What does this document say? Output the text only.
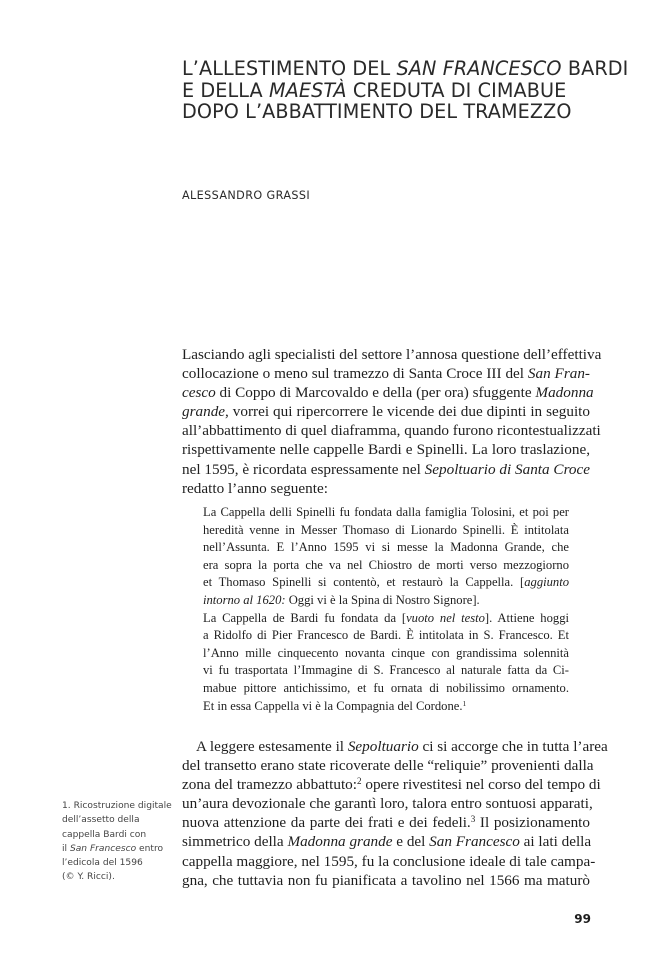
L’ALLESTIMENTO DEL SAN FRANCESCO BARDI
E DELLA MAESTÀ CREDUTA DI CIMABUE
DOPO L’ABBATTIMENTO DEL TRAMEZZO

ALESSANDRO GRASSI

Lasciando agli specialisti del settore l’annosa questione dell’effettiva
collocazione o meno sul tramezzo di Santa Croce III del San Fran-
cesco di Coppo di Marcovaldo e della (per ora) sfuggente Madonna
grande, vorrei qui ripercorrere le vicende dei due dipinti in seguito
all’abbattimento di quel diaframma, quando furono ricontestualizzati
rispettivamente nelle cappelle Bardi e Spinelli. La loro traslazione,
nel 1595, è ricordata espressamente nel Sepoltuario di Santa Croce
redatto l’anno seguente:

La Cappella delli Spinelli fu fondata dalla famiglia Tolosini, et poi per
heredità venne in Messer Thomaso di Lionardo Spinelli. È intitolata
nell’Assunta. E l’Anno 1595 vi si messe la Madonna Grande, che
era sopra la porta che va nel Chiostro de morti verso mezzogiorno
et Thomaso Spinelli si contentò, et restaurò la Cappella. [aggiunto
intorno al 1620: Oggi vi è la Spina di Nostro Signore].
La Cappella de Bardi fu fondata da [vuoto nel testo]. Attiene hoggi
a Ridolfo di Pier Francesco de Bardi. È intitolata in S. Francesco. Et
l’Anno mille cinquecento novanta cinque con grandissima solennità
vi fu trasportata l’Immagine di S. Francesco al naturale fatta da Ci-
mabue pittore antichissimo, et fu ornata di nobilissimo ornamento.
Et in essa Cappella vi è la Compagnia del Cordone.$^1$

A leggere estesamente il Sepoltuario ci si accorge che in tutta l’area
del transetto erano state ricoverate delle “reliquie” provenienti dalla
zona del tramezzo abbattuto:$^2$ opere rivestitesi nel corso del tempo di
un’aura devozionale che garantì loro, talora entro sontuosi apparati,
nuova attenzione da parte dei frati e dei fedeli.$^3$ Il posizionamento
simmetrico della Madonna grande e del San Francesco ai lati della
cappella maggiore, nel 1595, fu la conclusione ideale di tale campa-
gna, che tuttavia non fu pianificata a tavolino nel 1566 ma maturò

1. Ricostruzione digitale
dell’assetto della
cappella Bardi con
il San Francesco entro
l’edicola del 1596
(© Y. Ricci).

99
